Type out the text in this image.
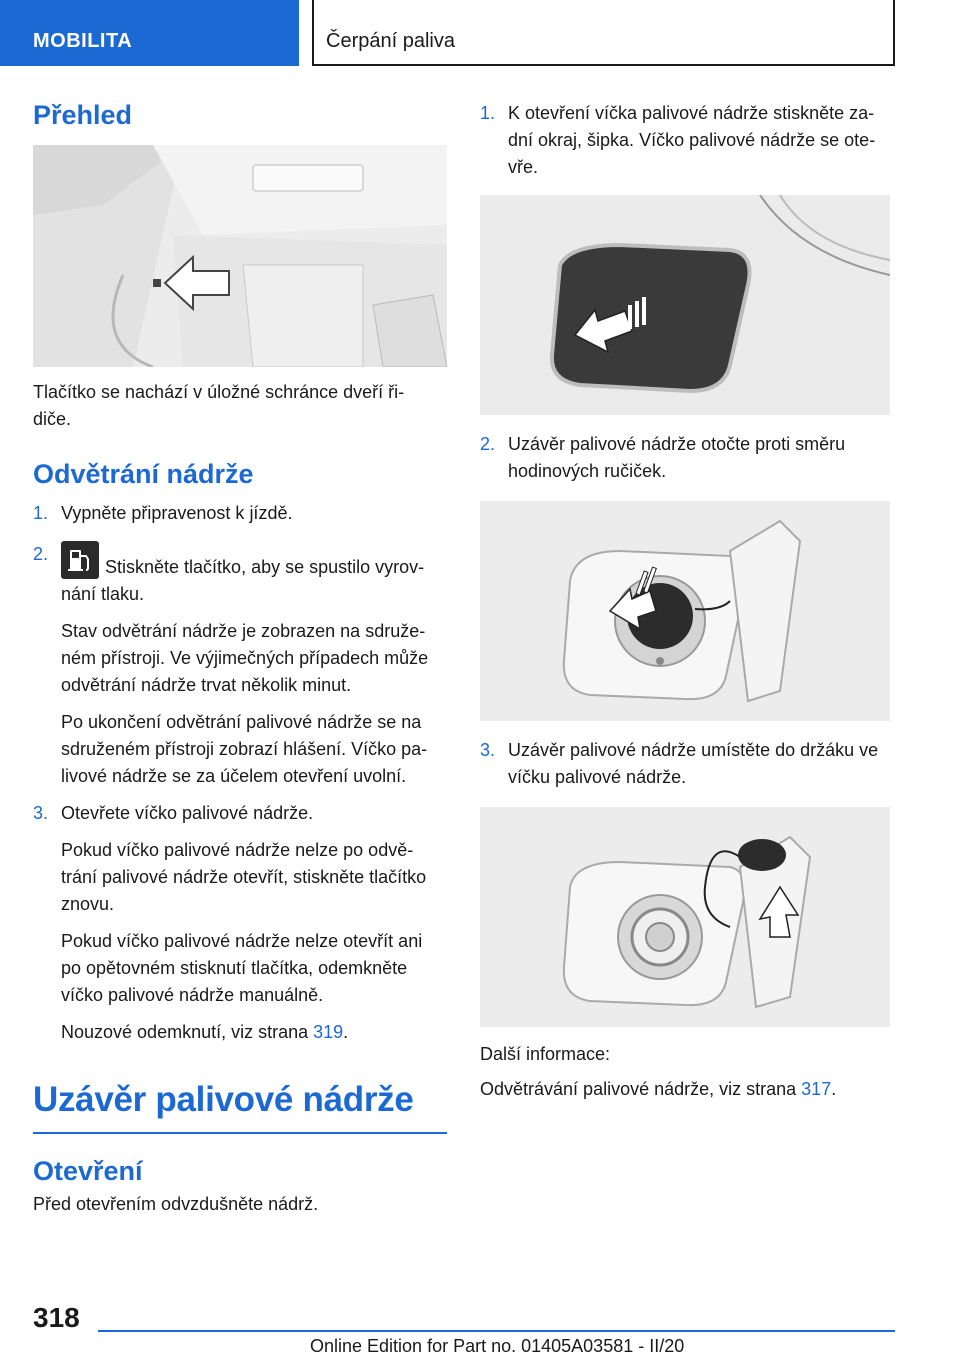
MOBILITA	Čerpání paliva
Přehled

Tlačítko se nachází v úložné schránce dveří ři- diče.

Odvětrání nádrže
1. Vypněte připravenost k jízdě.
2.
Stiskněte tlačítko, aby se spustilo vyrov- nání tlaku.

Stav odvětrání nádrže je zobrazen na sdruže- ném přístroji. Ve výjimečných případech může odvětrání nádrže trvat několik minut.

Po ukončení odvětrání palivové nádrže se na sdruženém přístroji zobrazí hlášení. Víčko pa- livové nádrže se za účelem otevření uvolní.

3. Otevřete víčko palivové nádrže.

Pokud víčko palivové nádrže nelze po odvě- trání palivové nádrže otevřít, stiskněte tlačítko znovu.

Pokud víčko palivové nádrže nelze otevřít ani po opětovném stisknutí tlačítka, odemkněte víčko palivové nádrže manuálně.

Nouzové odemknutí, viz strana 319.

Uzávěr palivové nádrže
Otevření

Před otevřením odvzdušněte nádrž.

1. K otevření víčka palivové nádrže stiskněte za- dní okraj, šipka. Víčko palivové nádrže se ote- vře.
2. Uzávěr palivové nádrže otočte proti směru hodinových ručiček.
3. Uzávěr palivové nádrže umístěte do držáku ve víčku palivové nádrže.

Další informace:

Odvětrávání palivové nádrže, viz strana 317.

318
Online Edition for Part no. 01405A03581 - II/20
